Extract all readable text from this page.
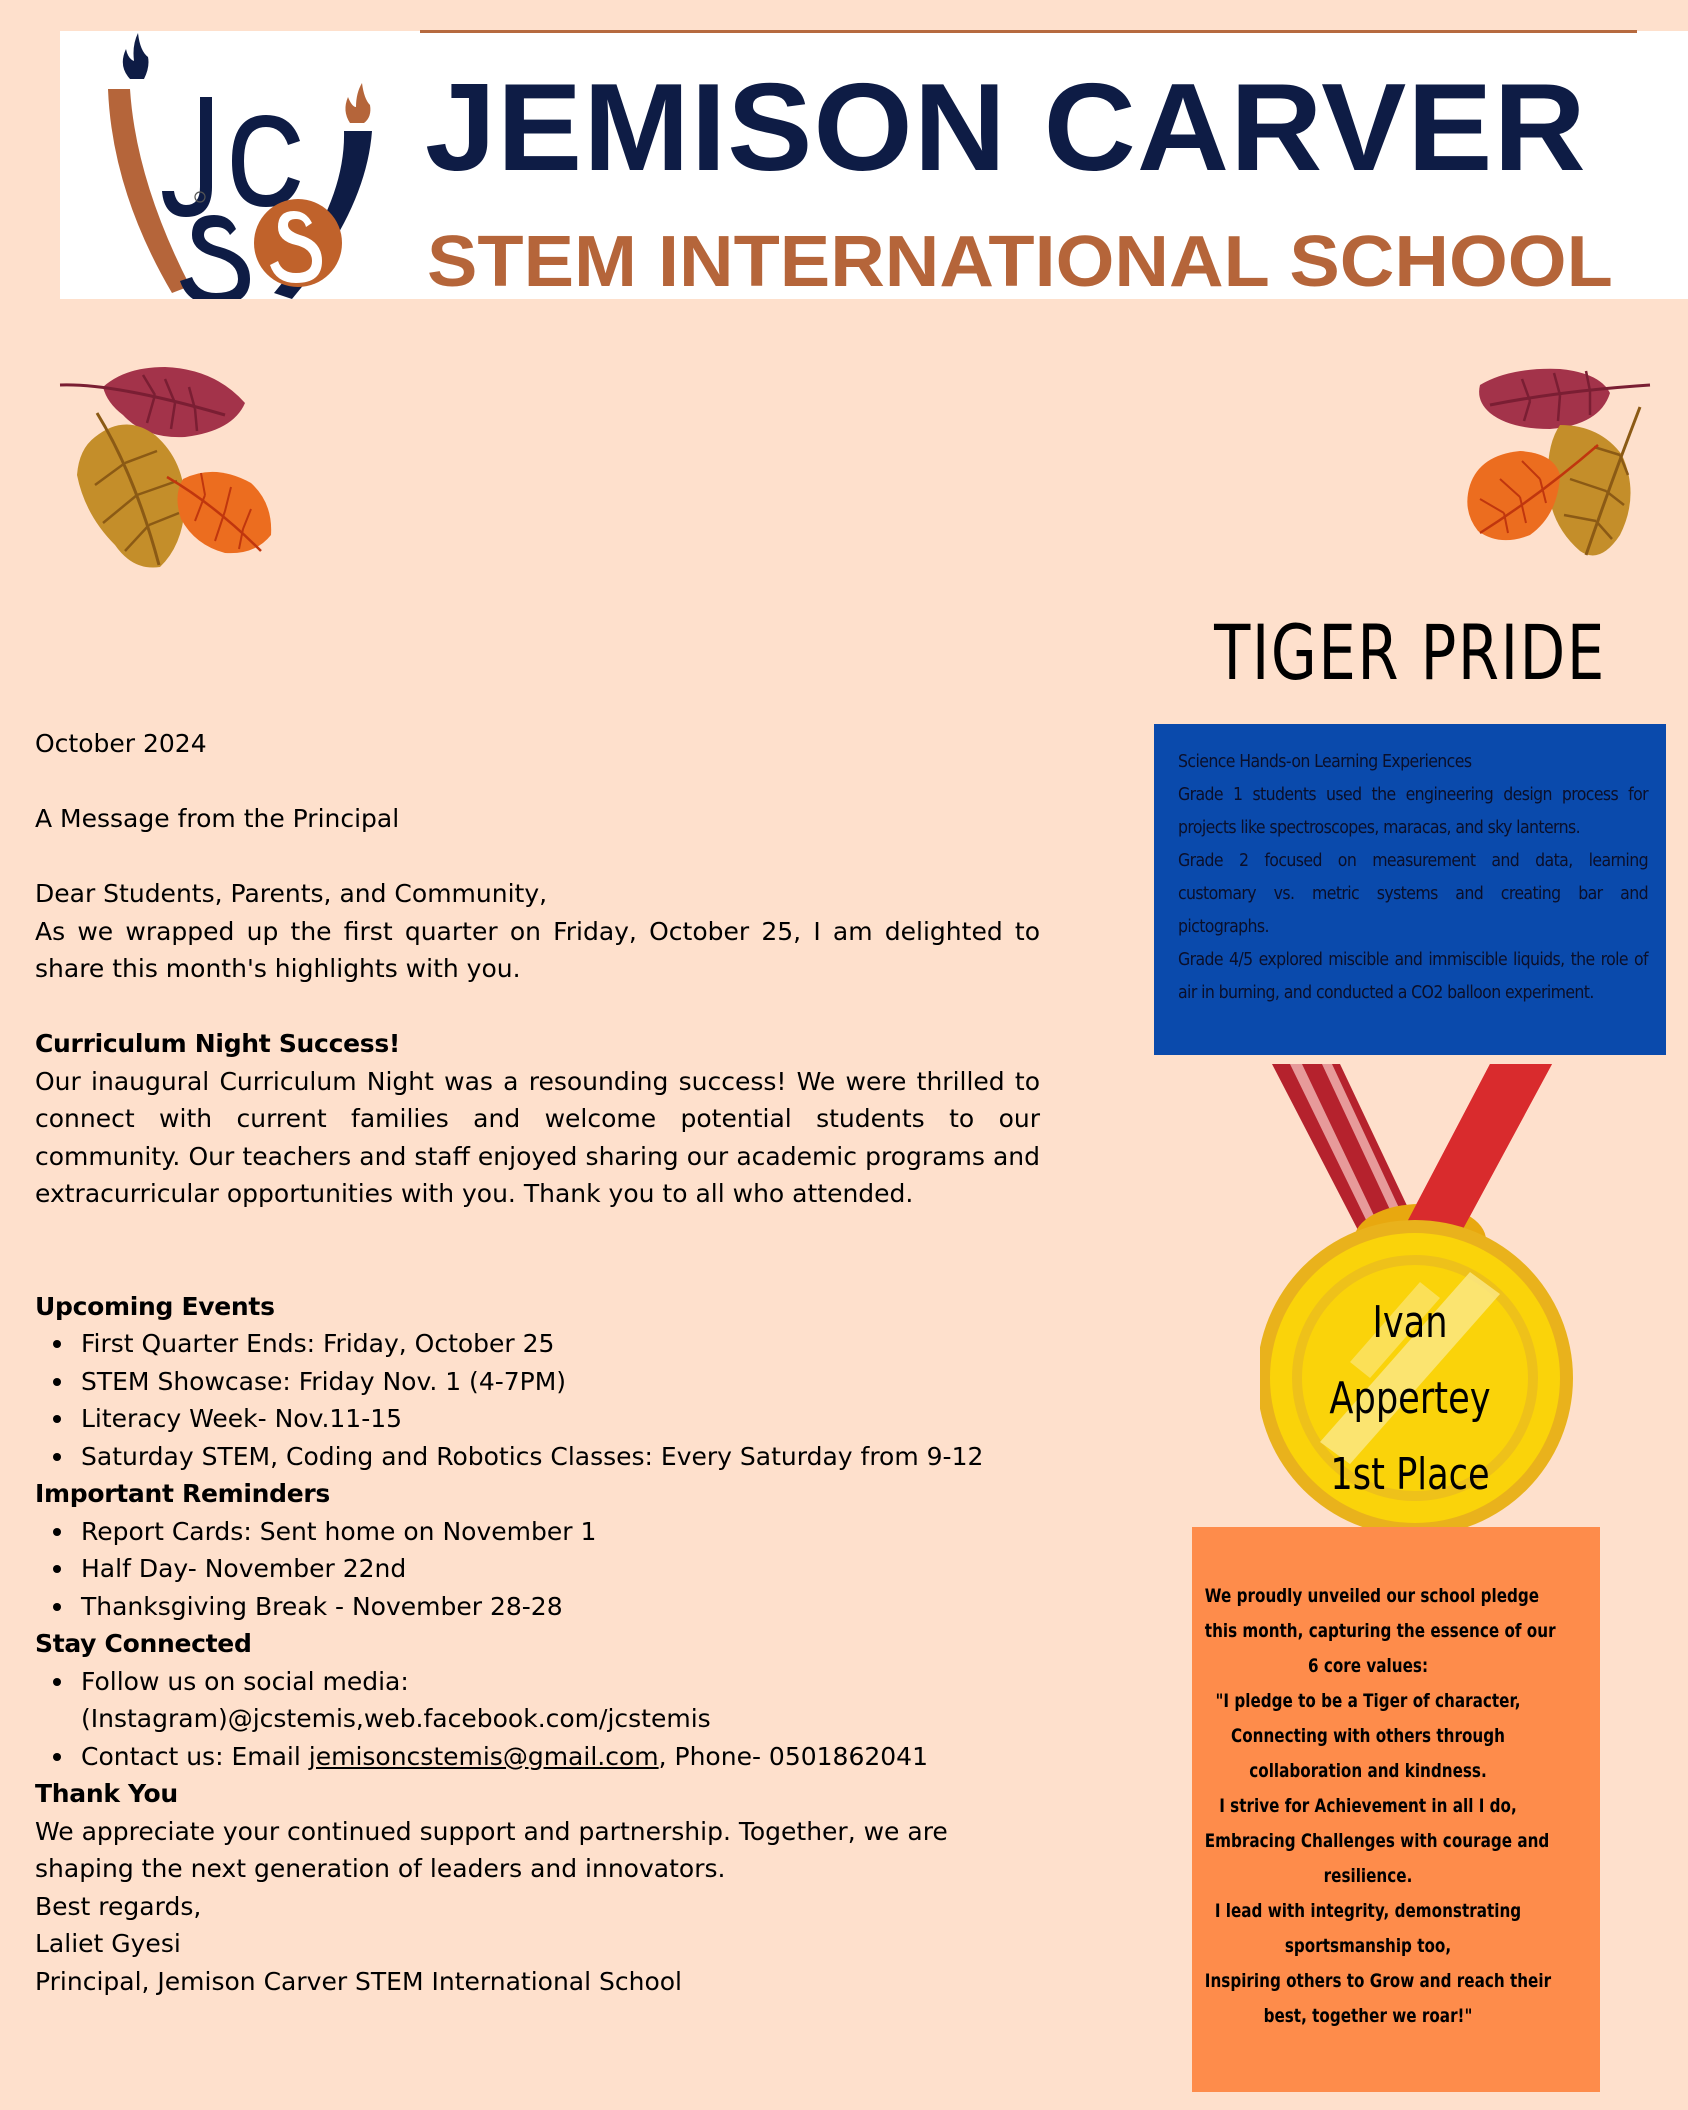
JEMISON CARVER
STEM INTERNATIONAL SCHOOL

October 2024

A Message from the Principal

Dear Students, Parents, and Community,

As we wrapped up the first quarter on Friday, October 25, I am delighted to share this month's highlights with you.

Curriculum Night Success!

Our inaugural Curriculum Night was a resounding success! We were thrilled to connect with current families and welcome potential students to our community. Our teachers and staff enjoyed sharing our academic programs and extracurricular opportunities with you. Thank you to all who attended.

Upcoming Events

First Quarter Ends: Friday, October 25
STEM Showcase: Friday Nov. 1 (4-7PM)
Literacy Week- Nov.11-15
Saturday STEM, Coding and Robotics Classes: Every Saturday from 9-12

Important Reminders

Report Cards: Sent home on November 1
Half Day- November 22nd
Thanksgiving Break - November 28-28

Stay Connected

Follow us on social media:
(Instagram)@jcstemis,web.facebook.com/jcstemis
Contact us: Email jemisoncstemis@gmail.com, Phone- 0501862041

Thank You

We appreciate your continued support and partnership. Together, we are shaping the next generation of leaders and innovators.

Best regards,

Laliet Gyesi

Principal, Jemison Carver STEM International School

TIGER PRIDE

Science Hands-on Learning Experiences

Grade 1 students used the engineering design process for projects like spectroscopes, maracas, and sky lanterns.

Grade 2 focused on measurement and data, learning customary vs. metric systems and creating bar and pictographs.

Grade 4/5 explored miscible and immiscible liquids, the role of air in burning, and conducted a CO2 balloon experiment.

Ivan Appertey
1st Place
We proudly unveiled our school pledge
this month, capturing the essence of our
6 core values:
"I pledge to be a Tiger of character,
Connecting with others through
collaboration and kindness.
I strive for Achievement in all I do,
Embracing Challenges with courage and
resilience.
I lead with integrity, demonstrating
sportsmanship too,
Inspiring others to Grow and reach their
best, together we roar!"
